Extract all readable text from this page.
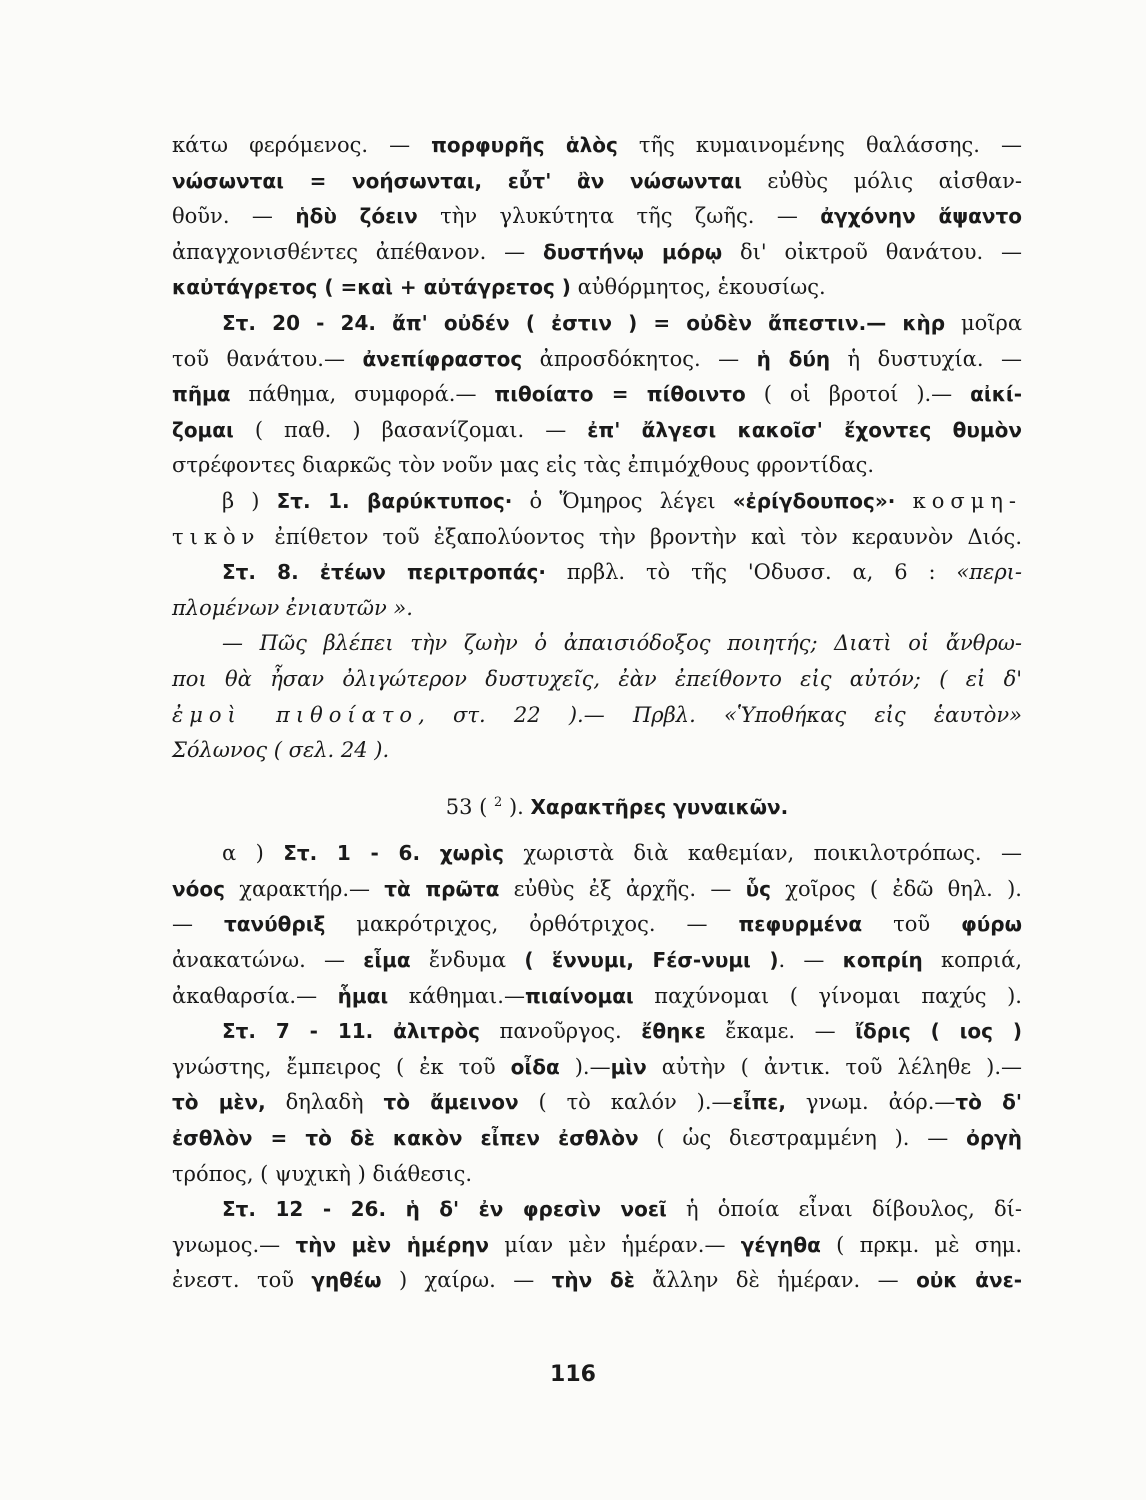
κάτω φερόμενος. — πορφυρῆς ἁλὸς τῆς κυμαινομένης θαλάσσης. —
νώσωνται = νοήσωνται, εὖτ' ἂν νώσωνται εὐθὺς μόλις αἰσθαν-
θοῦν. — ἡδὺ ζόειν τὴν γλυκύτητα τῆς ζωῆς. — ἀγχόνην ἅψαντο
ἀπαγχονισθέντες ἀπέθανον. — δυστήνῳ μόρῳ δι' οἰκτροῦ θανάτου. —
καὐτάγρετος ( =καὶ + αὐτάγρετος ) αὐθόρμητος, ἑκουσίως.
Στ. 20 - 24. ἄπ' οὐδέν ( ἐστιν ) = οὐδὲν ἄπεστιν.— κὴρ μοῖρα
τοῦ θανάτου.— ἀνεπίφραστος ἀπροσδόκητος. — ἡ δύη ἡ δυστυχία. —
πῆμα πάθημα, συμφορά.— πιθοίατο = πίθοιντο ( οἱ βροτοί ).— αἰκί-
ζομαι ( παθ. ) βασανίζομαι. — ἐπ' ἄλγεσι κακοῖσ' ἔχοντες θυμὸν
στρέφοντες διαρκῶς τὸν νοῦν μας εἰς τὰς ἐπιμόχθους φροντίδας.
β ) Στ. 1. βαρύκτυπος· ὁ Ὅμηρος λέγει «ἐρίγδουπος»· κοσμη-
τικὸν ἐπίθετον τοῦ ἐξαπολύοντος τὴν βροντὴν καὶ τὸν κεραυνὸν Διός.
Στ. 8. ἐτέων περιτροπάς· πρβλ. τὸ τῆς 'Οδυσσ. α, 6 : «περι-
πλομένων ἐνιαυτῶν ».
— Πῶς βλέπει τὴν ζωὴν ὁ ἀπαισιόδοξος ποιητής; Διατὶ οἱ ἄνθρω-
ποι θὰ ἦσαν ὀλιγώτερον δυστυχεῖς, ἐὰν ἐπείθοντο εἰς αὐτόν; ( εἰ δ'
ἐμοὶ πιθοίατο, στ. 22 ).— Πρβλ. «Ὑποθήκας εἰς ἑαυτὸν»
Σόλωνος ( σελ. 24 ).
53 ( $^2$ ). Χαρακτῆρες γυναικῶν.
α ) Στ. 1 - 6. χωρὶς χωριστὰ διὰ καθεμίαν, ποικιλοτρόπως. —
νόος χαρακτήρ.— τὰ πρῶτα εὐθὺς ἐξ ἀρχῆς. — ὗς χοῖρος ( ἐδῶ θηλ. ).
— τανύθριξ μακρότριχος, ὀρθότριχος. — πεφυρμένα τοῦ φύρω
ἀνακατώνω. — εἷμα ἔνδυμα ( ἕννυμι, Fέσ-νυμι ). — κοπρίη κοπριά,
ἀκαθαρσία.— ἧμαι κάθημαι.—πιαίνομαι παχύνομαι ( γίνομαι παχύς ).
Στ. 7 - 11. ἀλιτρὸς πανοῦργος. ἔθηκε ἔκαμε. — ἴδρις ( ιος )
γνώστης, ἔμπειρος ( ἐκ τοῦ οἶδα ).—μὶν αὐτὴν ( ἀντικ. τοῦ λέληθε ).—
τὸ μὲν, δηλαδὴ τὸ ἄμεινον ( τὸ καλόν ).—εἶπε, γνωμ. ἀόρ.—τὸ δ'
ἐσθλὸν = τὸ δὲ κακὸν εἶπεν ἐσθλὸν ( ὡς διεστραμμένη ). — ὀργὴ
τρόπος, ( ψυχικὴ ) διάθεσις.
Στ. 12 - 26. ἡ δ' ἐν φρεσὶν νοεῖ ἡ ὁποία εἶναι δίβουλος, δί-
γνωμος.— τὴν μὲν ἡμέρην μίαν μὲν ἡμέραν.— γέγηθα ( πρκμ. μὲ σημ.
ἐνεστ. τοῦ γηθέω ) χαίρω. — τὴν δὲ ἄλλην δὲ ἡμέραν. — οὐκ ἀνε-
116
